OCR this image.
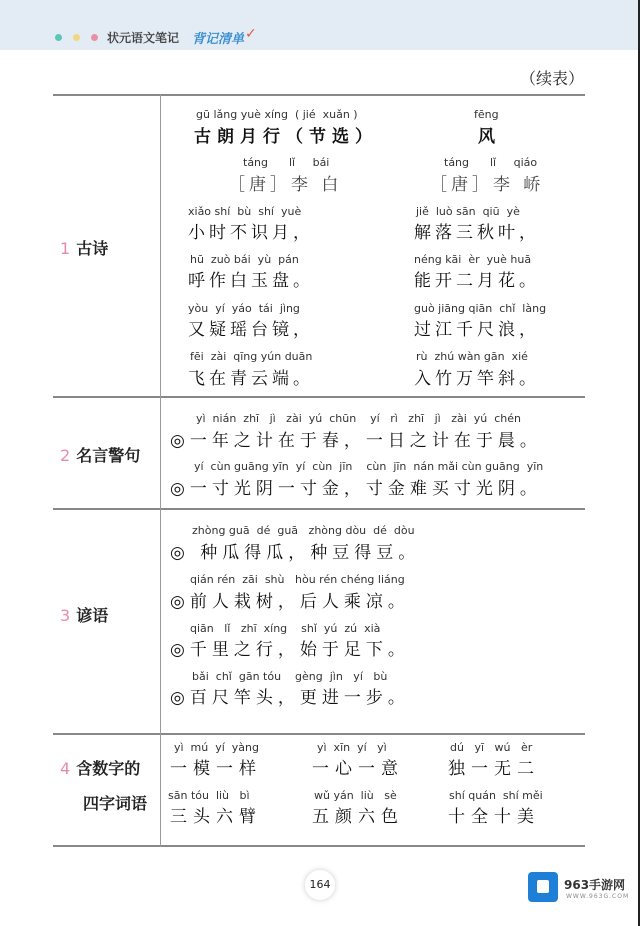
状元语文笔记 背记清单 ✓
（续表）
1 古诗
gū lǎng yuè xíng  ( jié  xuǎn )
古朗月行（节选）
táng      lǐ     bái
［唐］李 白
xiǎo shí  bù  shí  yuè
小时不识月，
hū  zuò bái  yù  pán
呼作白玉盘。
yòu  yí  yáo  tái  jìng
又疑瑶台镜，
fēi  zài  qīng yún duān
飞在青云端。
fēng
风
táng      lǐ     qiáo
［唐］李 峤
jiě  luò sān  qiū  yè
解落三秋叶，
néng kāi  èr  yuè huā
能开二月花。
guò jiāng qiān  chǐ  làng
过江千尺浪，
rù  zhú wàn gān  xié
入竹万竿斜。
2 名言警句
yì  nián  zhī   jì   zài  yú  chūn    yí   rì   zhī   jì   zài  yú  chén
◎一年之计在于春，一日之计在于晨。
yí  cùn guāng yīn  yí  cùn  jīn    cùn  jīn  nán mǎi cùn guāng  yīn
◎一寸光阴一寸金，寸金难买寸光阴。
3 谚语
zhòng guā  dé  guā   zhòng dòu  dé  dòu
◎ 种瓜得瓜，种豆得豆。
qián rén  zāi  shù   hòu rén chéng liáng
◎前人栽树，后人乘凉。
qiān   lǐ   zhī  xíng    shǐ  yú  zú  xià
◎千里之行，始于足下。
bǎi  chǐ  gān tóu    gèng  jìn   yí   bù
◎百尺竿头，更进一步。
4 含数字的
四字词语
yì  mú  yí  yàng
一模一样
yì  xīn  yí   yì
一心一意
dú   yī   wú   èr
独一无二
sān tóu  liù   bì
三头六臂
wǔ yán  liù   sè
五颜六色
shí quán  shí měi
十全十美
164	963手游网
WWW.963G.COM
